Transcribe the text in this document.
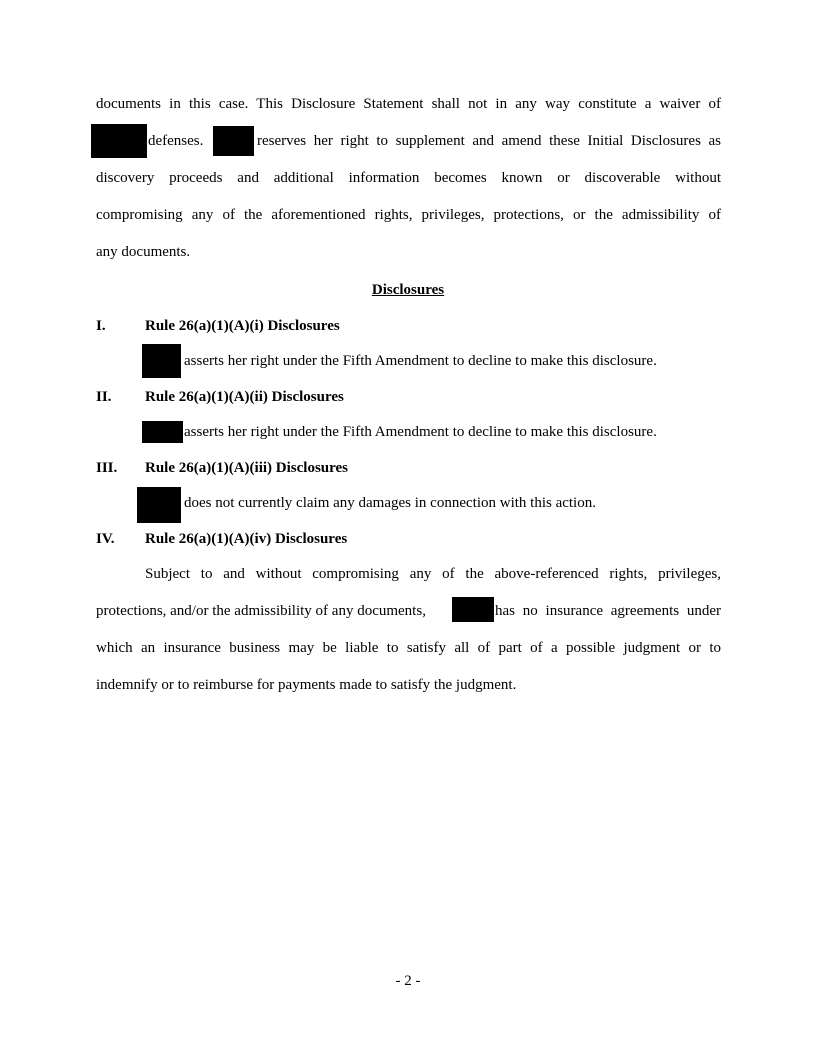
documents in this case. This Disclosure Statement shall not in any way constitute a waiver of
defenses.	reserves her right to supplement and amend these Initial Disclosures as
discovery proceeds and additional information becomes known or discoverable without
compromising any of the aforementioned rights, privileges, protections, or the admissibility of
any documents.
Disclosures
I.	Rule 26(a)(1)(A)(i) Disclosures
asserts her right under the Fifth Amendment to decline to make this disclosure.
II. Rule 26(a)(1)(A)(ii) Disclosures
asserts her right under the Fifth Amendment to decline to make this disclosure.
III. Rule 26(a)(1)(A)(iii) Disclosures
does not currently claim any damages in connection with this action.
IV. Rule 26(a)(1)(A)(iv) Disclosures
Subject to and without compromising any of the above-referenced rights, privileges,
protections, and/or the admissibility of any documents,	has no insurance agreements under
which an insurance business may be liable to satisfy all of part of a possible judgment or to
indemnify or to reimburse for payments made to satisfy the judgment.
- 2 -
